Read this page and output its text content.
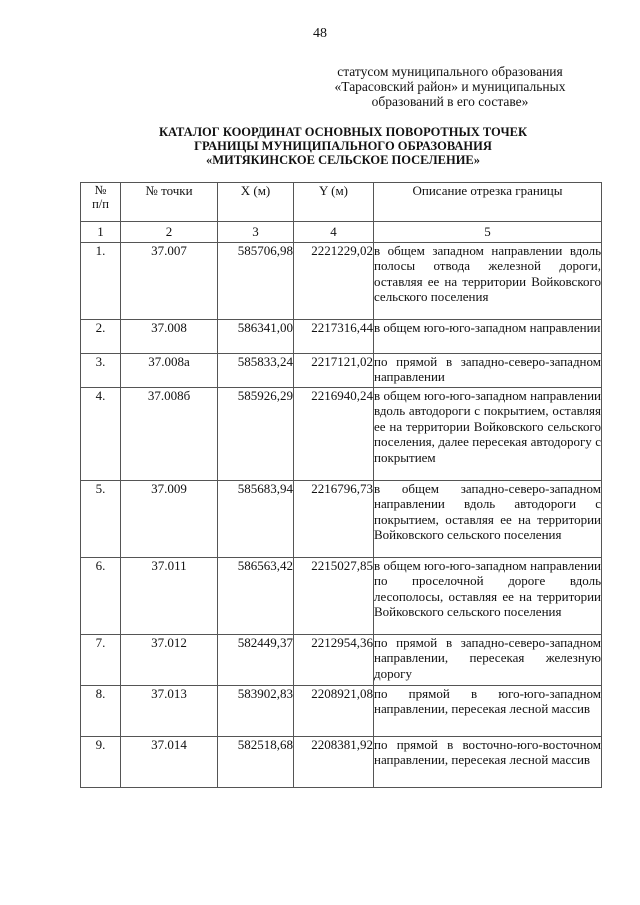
48
статусом муниципального образования
«Тарасовский район» и муниципальных
образований в его составе»
КАТАЛОГ КООРДИНАТ ОСНОВНЫХ ПОВОРОТНЫХ ТОЧЕК
ГРАНИЦЫ МУНИЦИПАЛЬНОГО ОБРАЗОВАНИЯ
«МИТЯКИНСКОЕ СЕЛЬСКОЕ ПОСЕЛЕНИЕ»
№
п/п	№ точки	X (м)	Y (м)	Описание отрезка границы
1	2	3	4	5
1.	37.007	585706,98	2221229,02	в общем западном направлении вдоль полосы отвода железной дороги, оставляя ее на территории Войковского сельского поселения
2.	37.008	586341,00	2217316,44	в общем юго-юго-западном направлении
3.	37.008а	585833,24	2217121,02	по прямой в западно-северо-западном направлении
4.	37.008б	585926,29	2216940,24	в общем юго-юго-западном направлении вдоль автодороги с покрытием, оставляя ее на территории Войковского сельского поселения, далее пересекая автодорогу с покрытием
5.	37.009	585683,94	2216796,73	в общем западно-северо-западном направлении вдоль автодороги с покрытием, оставляя ее на территории Войковского сельского поселения
6.	37.011	586563,42	2215027,85	в общем юго-юго-западном направлении по проселочной дороге вдоль лесополосы, оставляя ее на территории Войковского сельского поселения
7.	37.012	582449,37	2212954,36	по прямой в западно-северо-западном направлении, пересекая железную дорогу
8.	37.013	583902,83	2208921,08	по прямой в юго-юго-западном направлении, пересекая лесной массив
9.	37.014	582518,68	2208381,92	по прямой в восточно-юго-восточном направлении, пересекая лесной массив
